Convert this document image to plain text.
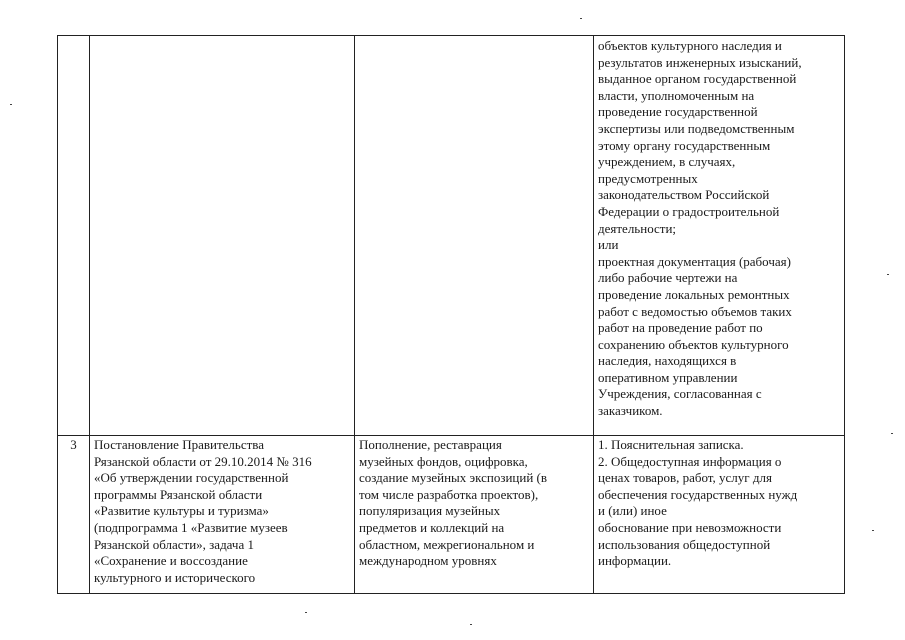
объектов культурного наследия и
результатов инженерных изысканий,
выданное органом государственной
власти, уполномоченным на
проведение государственной
экспертизы или подведомственным
этому органу государственным
учреждением, в случаях,
предусмотренных
законодательством Российской
Федерации о градостроительной
деятельности;
или
проектная документация (рабочая)
либо рабочие чертежи на
проведение локальных ремонтных
работ с ведомостью объемов таких
работ на проведение работ по
сохранению объектов культурного
наследия, находящихся в
оперативном управлении
Учреждения, согласованная с
заказчиком.
3	Постановление Правительства
Рязанской области от 29.10.2014 № 316
«Об утверждении государственной
программы Рязанской области
«Развитие культуры и туризма»
(подпрограмма 1 «Развитие музеев
Рязанской области», задача 1
«Сохранение и воссоздание
культурного и исторического
Пополнение, реставрация
музейных фондов, оцифровка,
создание музейных экспозиций (в
том числе разработка проектов),
популяризация музейных
предметов и коллекций на
областном, межрегиональном и
международном уровнях
1. Пояснительная записка.
2. Общедоступная информация о
ценах товаров, работ, услуг для
обеспечения государственных нужд
и (или) иное
обоснование при невозможности
использования общедоступной
информации.
